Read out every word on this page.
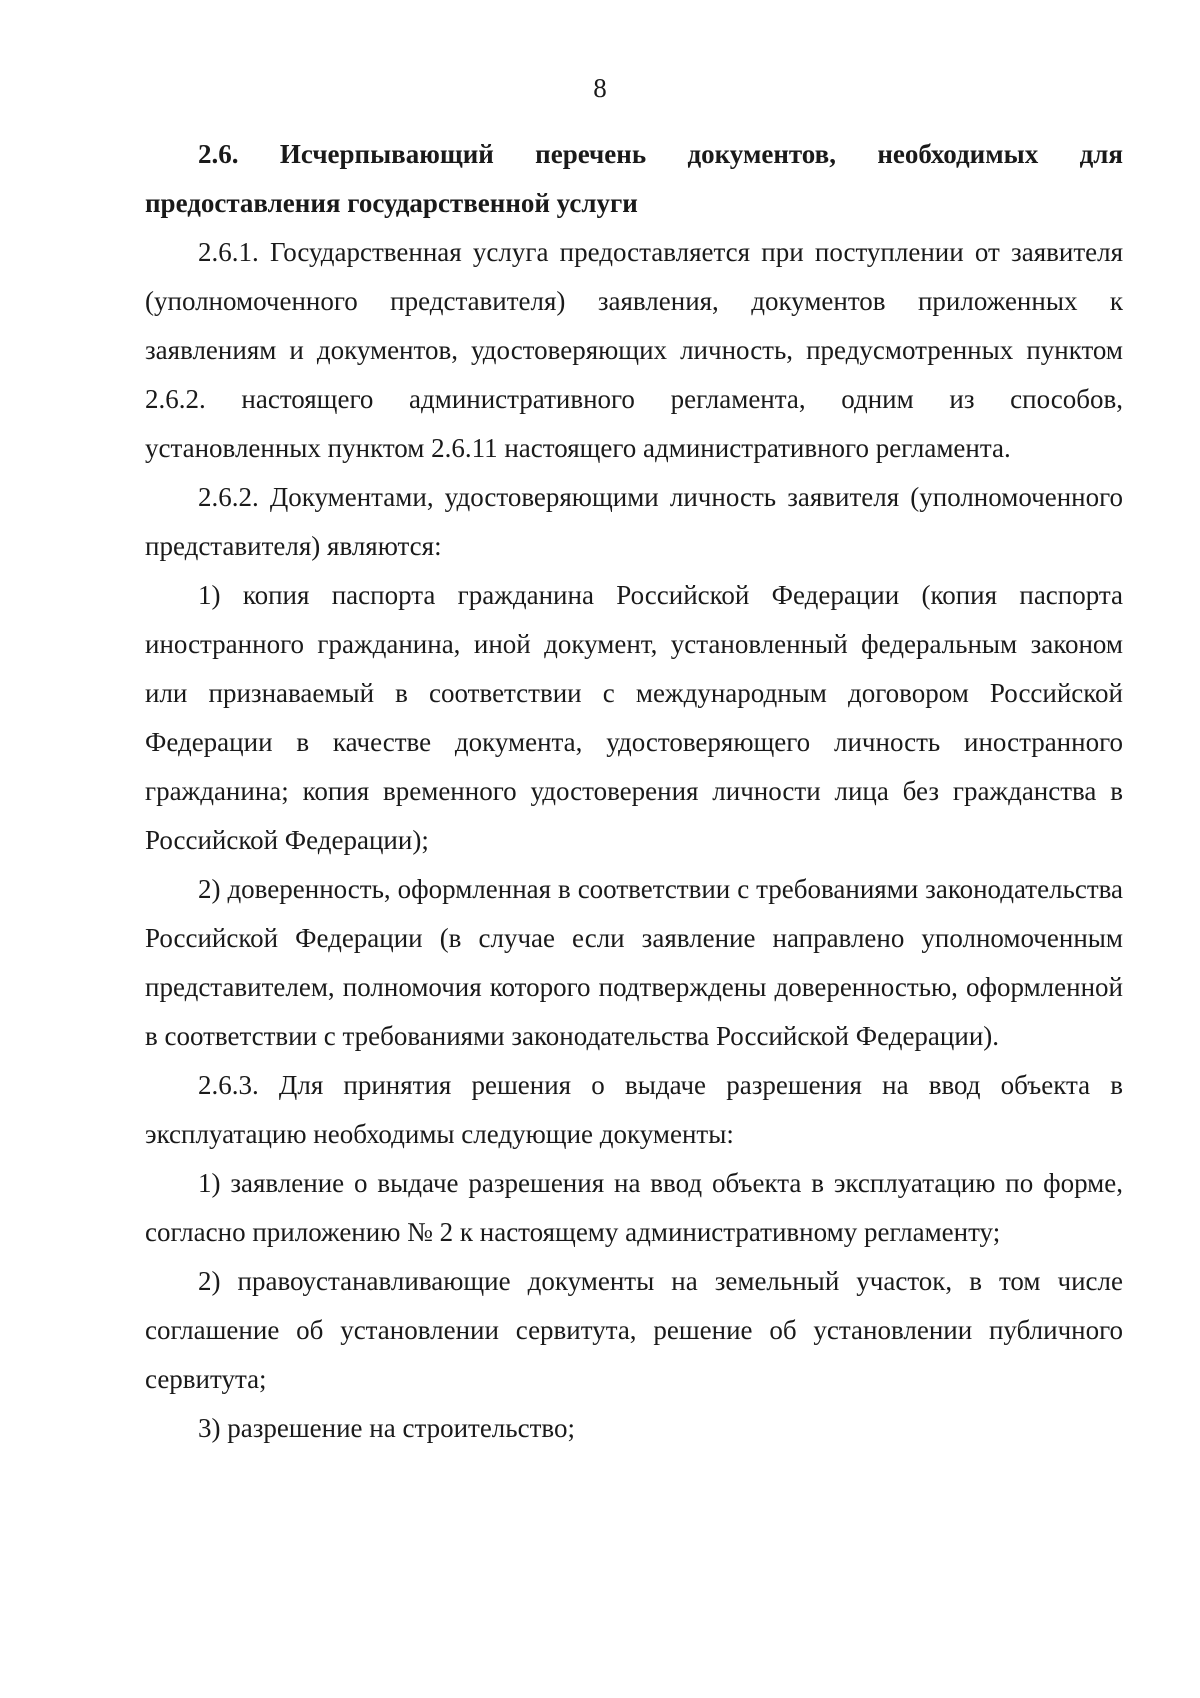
8

2.6. Исчерпывающий перечень документов, необходимых для предоставления государственной услуги

2.6.1. Государственная услуга предоставляется при поступлении от заявителя (уполномоченного представителя) заявления, документов приложенных к заявлениям и документов, удостоверяющих личность, предусмотренных пунктом 2.6.2. настоящего административного регламента, одним из способов, установленных пунктом 2.6.11 настоящего административного регламента.

2.6.2. Документами, удостоверяющими личность заявителя (уполномоченного представителя) являются:

1) копия паспорта гражданина Российской Федерации (копия паспорта иностранного гражданина, иной документ, установленный федеральным законом или признаваемый в соответствии с международным договором Российской Федерации в качестве документа, удостоверяющего личность иностранного гражданина; копия временного удостоверения личности лица без гражданства в Российской Федерации);

2) доверенность, оформленная в соответствии с требованиями законодательства Российской Федерации (в случае если заявление направлено уполномоченным представителем, полномочия которого подтверждены доверенностью, оформленной в соответствии с требованиями законодательства Российской Федерации).

2.6.3. Для принятия решения о выдаче разрешения на ввод объекта в эксплуатацию необходимы следующие документы:

1) заявление о выдаче разрешения на ввод объекта в эксплуатацию по форме, согласно приложению № 2 к настоящему административному регламенту;

2) правоустанавливающие документы на земельный участок, в том числе соглашение об установлении сервитута, решение об установлении публичного сервитута;

3) разрешение на строительство;
